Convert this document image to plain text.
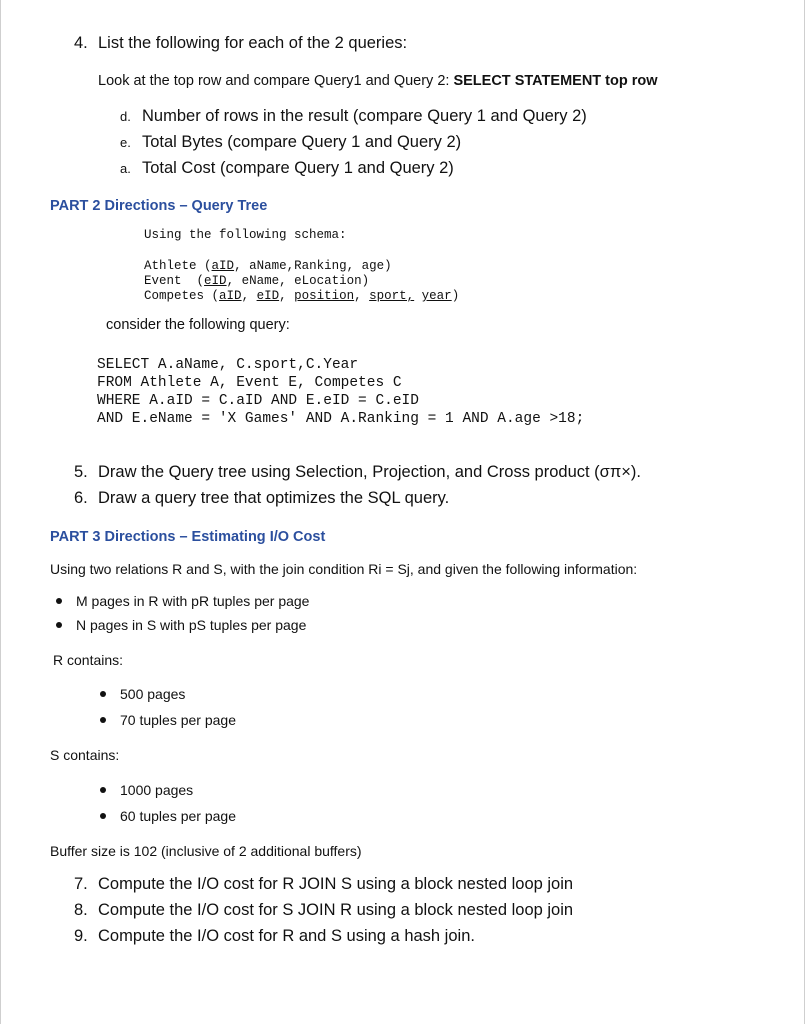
4. List the following for each of the 2 queries:
Look at the top row and compare Query1 and Query 2: SELECT STATEMENT top row
d. Number of rows in the result (compare Query 1 and Query 2)
e. Total Bytes (compare Query 1 and Query 2)
a. Total Cost (compare Query 1 and Query 2)
PART 2 Directions – Query Tree
Using the following schema:
Athlete (aID, aName,Ranking, age)
Event (eID, eName, eLocation)
Competes (aID, eID, position, sport, year)
consider the following query:
SELECT A.aName, C.sport,C.Year
FROM Athlete A, Event E, Competes C
WHERE A.aID = C.aID AND E.eID = C.eID
AND E.eName = 'X Games' AND A.Ranking = 1 AND A.age >18;
5. Draw the Query tree using Selection, Projection, and Cross product (σπ×).
6. Draw a query tree that optimizes the SQL query.
PART 3 Directions – Estimating I/O Cost
Using two relations R and S, with the join condition Ri = Sj, and given the following information:
M pages in R with pR tuples per page
N pages in S with pS tuples per page
R contains:
500 pages
70 tuples per page
S contains:
1000 pages
60 tuples per page
Buffer size is 102 (inclusive of 2 additional buffers)
7. Compute the I/O cost for R JOIN S using a block nested loop join
8. Compute the I/O cost for S JOIN R using a block nested loop join
9. Compute the I/O cost for R and S using a hash join.
